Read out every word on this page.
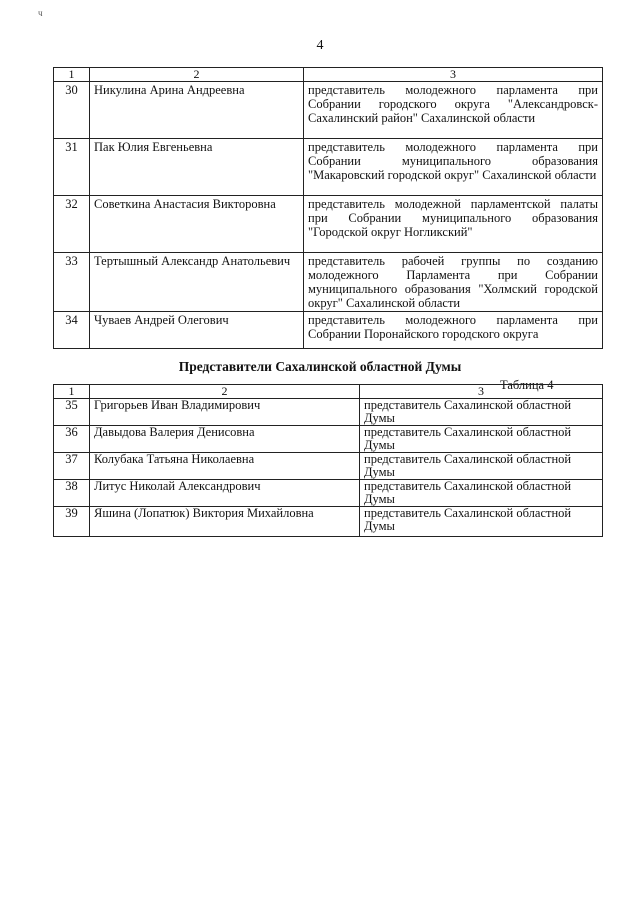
ч
4
1	2	3
30	Никулина Арина Андреевна	представитель молодежного парламента при Собрании городского округа "Александровск-Сахалинский район" Сахалинской области
31	Пак Юлия Евгеньевна	представитель молодежного парламента при Собрании муниципального образования "Макаровский городской округ" Сахалинской области
32	Советкина Анастасия Викторовна	представитель молодежной парламентской палаты при Собрании муниципального образования "Городской округ Ногликский"
33	Тертышный Александр Анатольевич	представитель рабочей группы по созданию молодежного Парламента при Собрании муниципального образования "Холмский городской округ" Сахалинской области
34	Чуваев Андрей Олегович	представитель молодежного парламента при Собрании Поронайского городского округа
Представители Сахалинской областной Думы
Таблица 4
1	2	3
35	Григорьев Иван Владимирович	представитель Сахалинской областной Думы
36	Давыдова Валерия Денисовна	представитель Сахалинской областной Думы
37	Колубака Татьяна Николаевна	представитель Сахалинской областной Думы
38	Литус Николай Александрович	представитель Сахалинской областной Думы
39	Яшина (Лопатюк) Виктория Михайловна	представитель Сахалинской областной Думы
